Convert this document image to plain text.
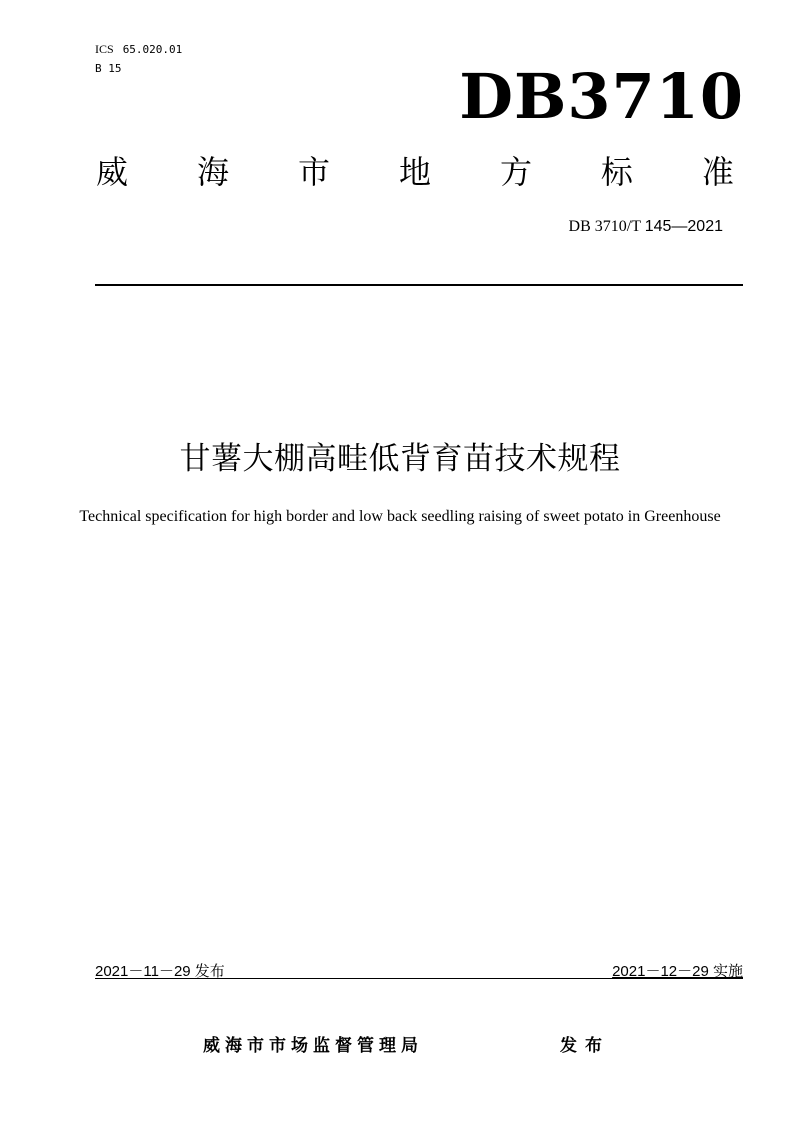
ICS 65.020.01
B 15	DB3710
威 海 市 地 方 标 准
DB 3710/T 145—2021
甘薯大棚高畦低背育苗技术规程
Technical specification for high border and low back seedling raising of sweet potato in Greenhouse
2021－11－29 发布	2021－12－29 实施
威海市市场监督管理局	发布
